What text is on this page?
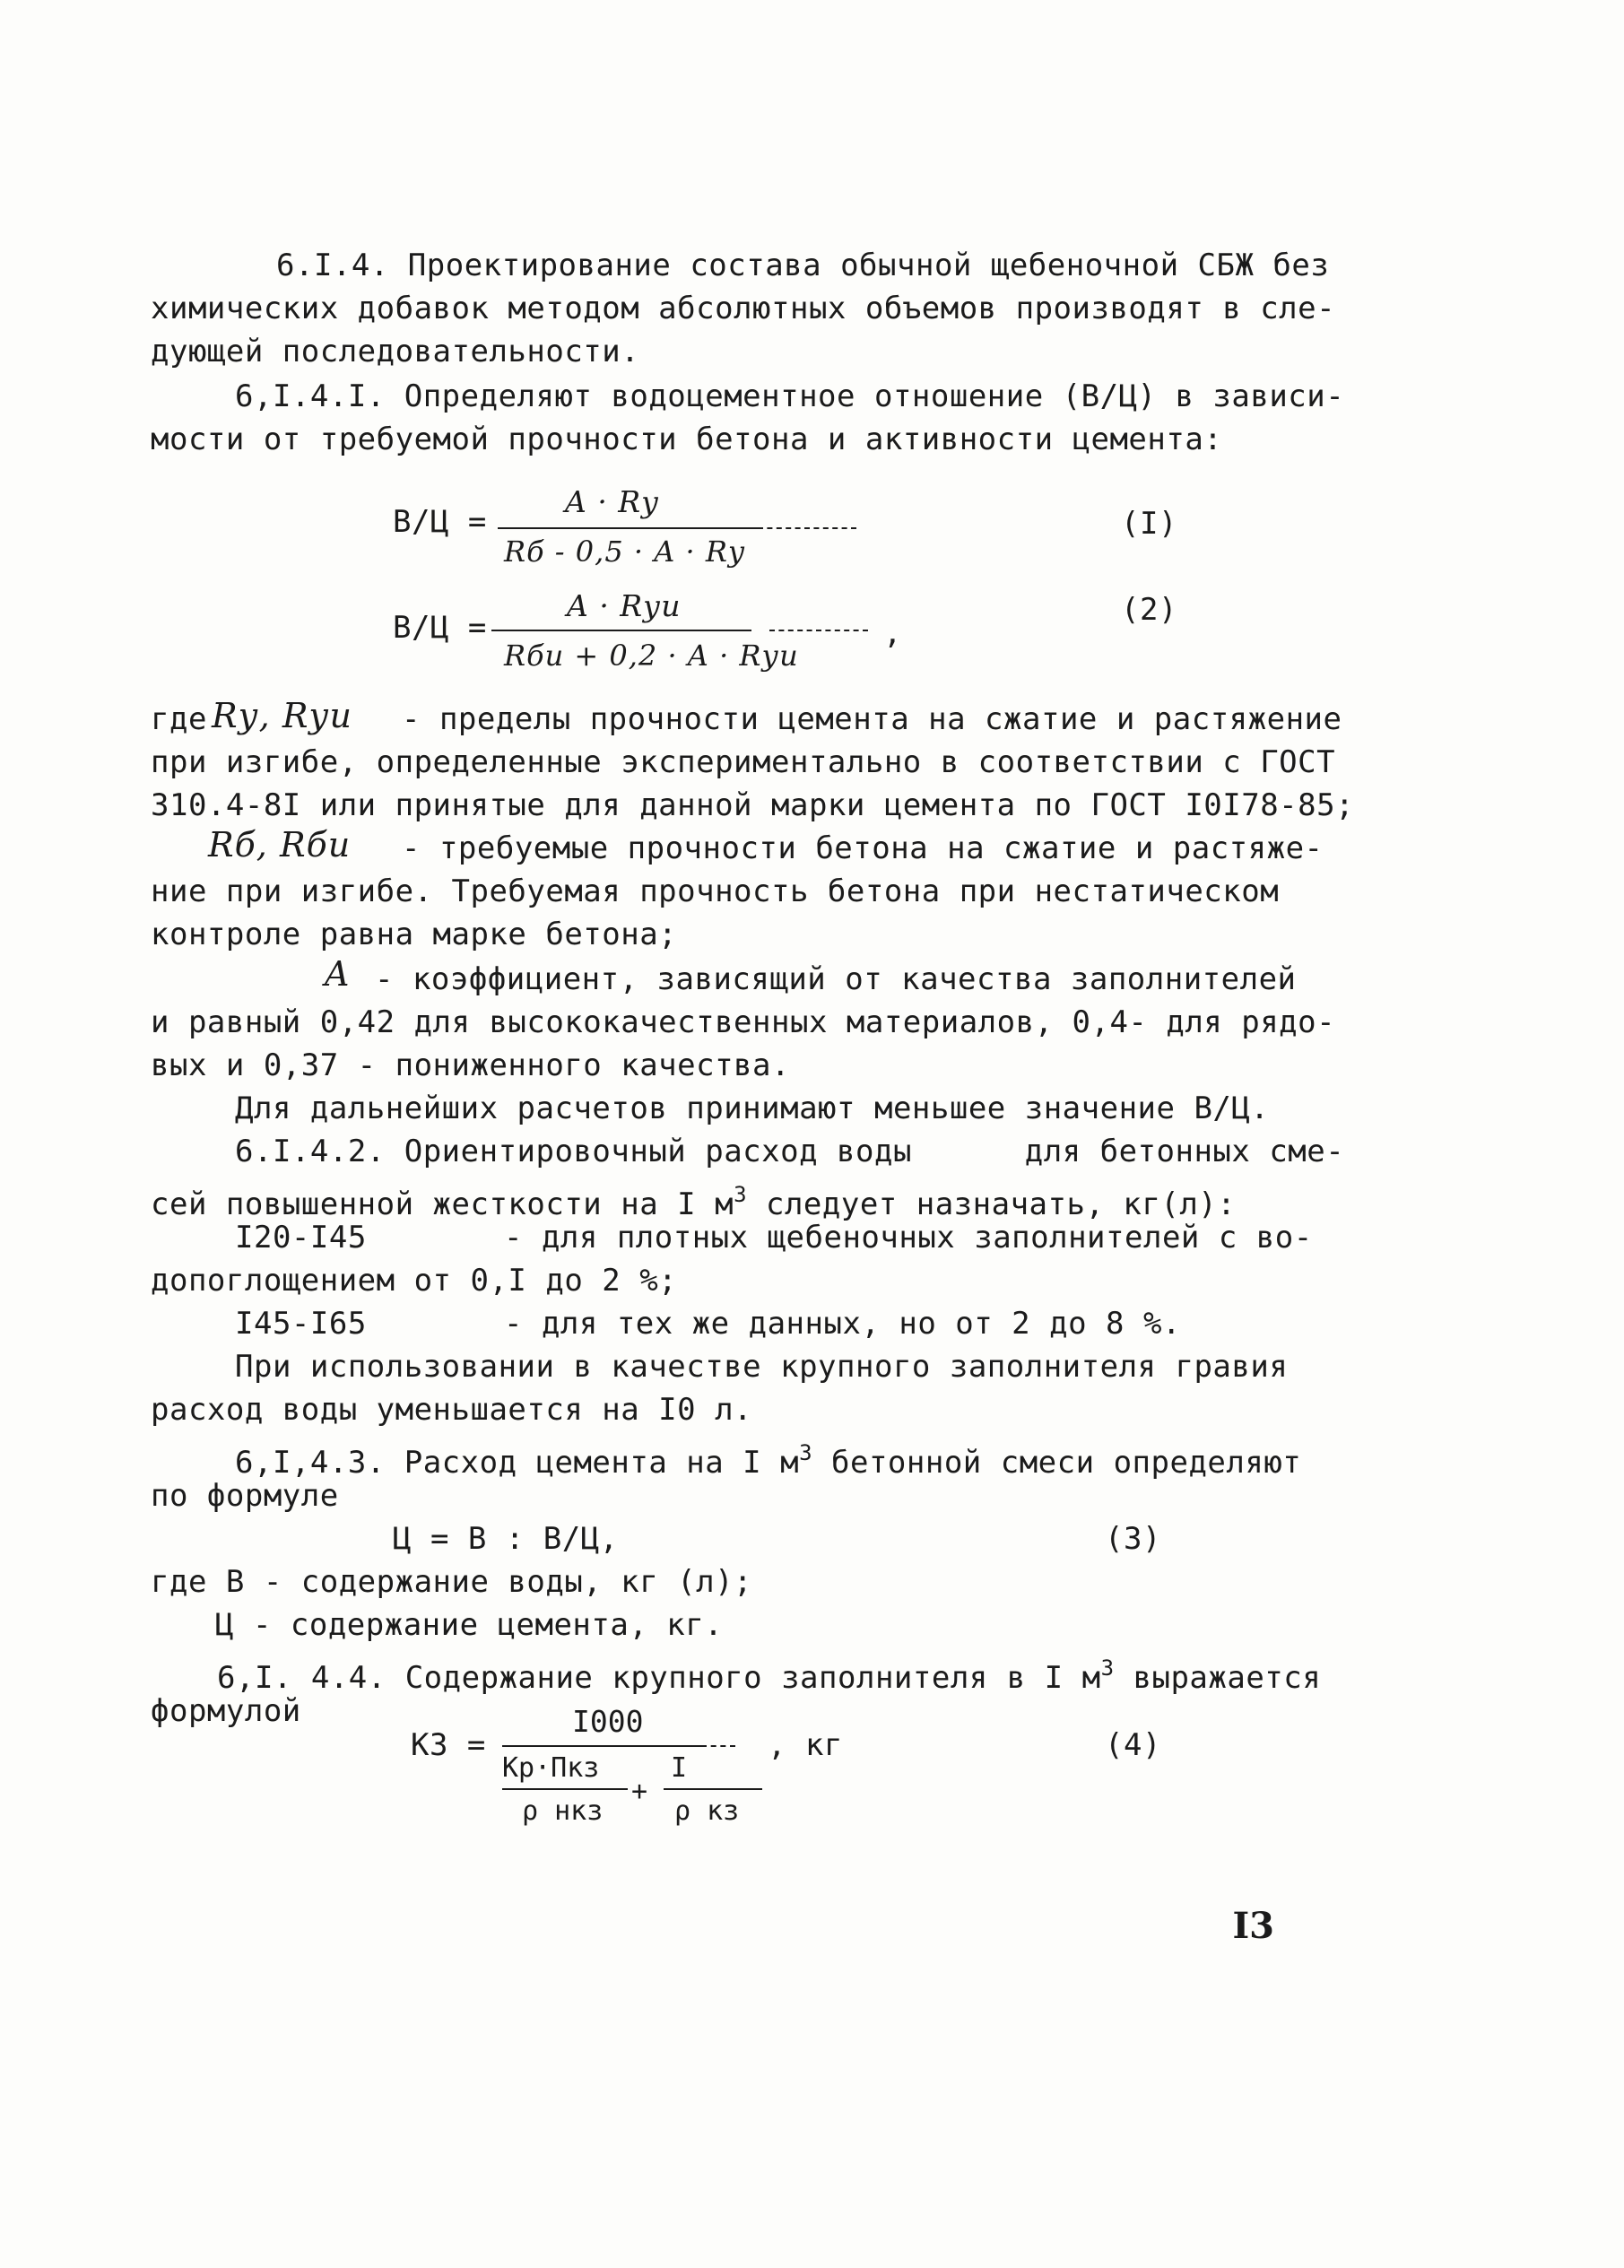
6.I.4. Проектирование состава обычной щебеночной СБЖ без
химических добавок методом абсолютных объемов производят в сле-
дующей последовательности.
6,I.4.I. Определяют водоцементное отношение (В/Ц) в зависи-
мости от требуемой прочности бетона и активности цемента:
В/Ц =
A · Rу
Rб - 0,5 · A · Rу
(I)
В/Ц =
A · Rуи
,
Rби + 0,2 · A · Rуи
(2)
где Rу, Rуи - пределы прочности цемента на сжатие и растяжение
при изгибе, определенные экспериментально в соответствии с ГОСТ
310.4-8I или принятые для данной марки цемента по ГОСТ I0I78-85;
Rб, Rби - требуемые прочности бетона на сжатие и растяже-
ние при изгибе. Требуемая прочность бетона при нестатическом
контроле равна марке бетона;
A - коэффициент, зависящий от качества заполнителей
и равный 0,42 для высококачественных материалов, 0,4- для рядо-
вых и 0,37 - пониженного качества.
Для дальнейших расчетов принимают меньшее значение В/Ц.
6.I.4.2. Ориентировочный расход воды      для бетонных сме-
сей повышенной жесткости на I $м^3$ следует назначать, кг(л):
I20-I45	- для плотных щебеночных заполнителей с во-
допоглощением от 0,I до 2 %;
I45-I65	- для тех же данных, но от 2 до 8 %.
При использовании в качестве крупного заполнителя гравия
расход воды уменьшается на I0 л.
6,I,4.3. Расход цемента на I $м^3$ бетонной смеси определяют
по формуле
Ц = В : В/Ц,	(3)
где В - содержание воды, кг (л);
Ц - содержание цемента, кг.
6,I. 4.4. Содержание крупного заполнителя в I $м^3$ выражается
формулой
КЗ =
I000
, кг	(4)
Кр·Пкз
ρ нкз
+
I
ρ кз
I3
